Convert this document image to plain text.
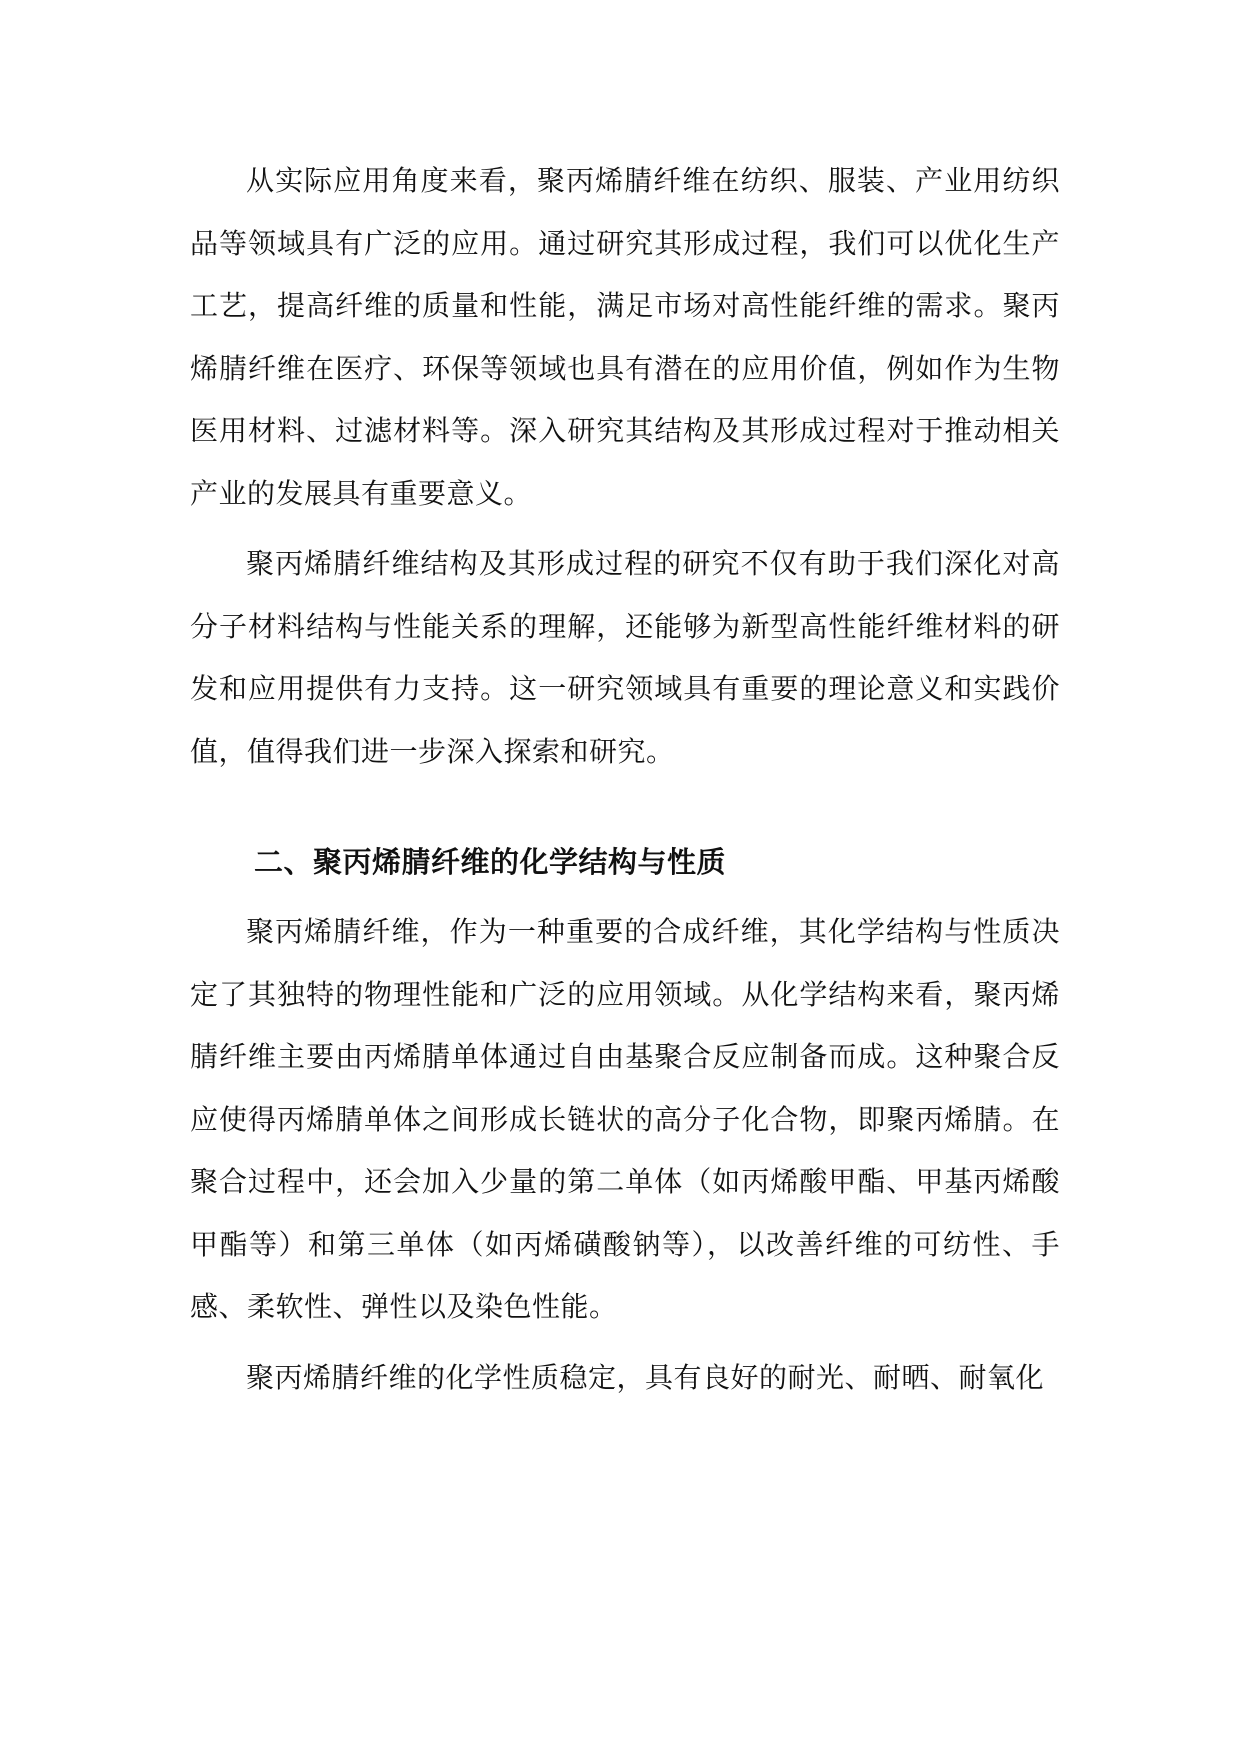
从实际应用角度来看，聚丙烯腈纤维在纺织、服装、产业用纺织品等领域具有广泛的应用。通过研究其形成过程，我们可以优化生产工艺，提高纤维的质量和性能，满足市场对高性能纤维的需求。聚丙烯腈纤维在医疗、环保等领域也具有潜在的应用价值，例如作为生物医用材料、过滤材料等。深入研究其结构及其形成过程对于推动相关产业的发展具有重要意义。

聚丙烯腈纤维结构及其形成过程的研究不仅有助于我们深化对高分子材料结构与性能关系的理解，还能够为新型高性能纤维材料的研发和应用提供有力支持。这一研究领域具有重要的理论意义和实践价值，值得我们进一步深入探索和研究。

二、聚丙烯腈纤维的化学结构与性质

聚丙烯腈纤维，作为一种重要的合成纤维，其化学结构与性质决定了其独特的物理性能和广泛的应用领域。从化学结构来看，聚丙烯腈纤维主要由丙烯腈单体通过自由基聚合反应制备而成。这种聚合反应使得丙烯腈单体之间形成长链状的高分子化合物，即聚丙烯腈。在聚合过程中，还会加入少量的第二单体（如丙烯酸甲酯、甲基丙烯酸甲酯等）和第三单体（如丙烯磺酸钠等），以改善纤维的可纺性、手感、柔软性、弹性以及染色性能。

聚丙烯腈纤维的化学性质稳定，具有良好的耐光、耐晒、耐氧化
